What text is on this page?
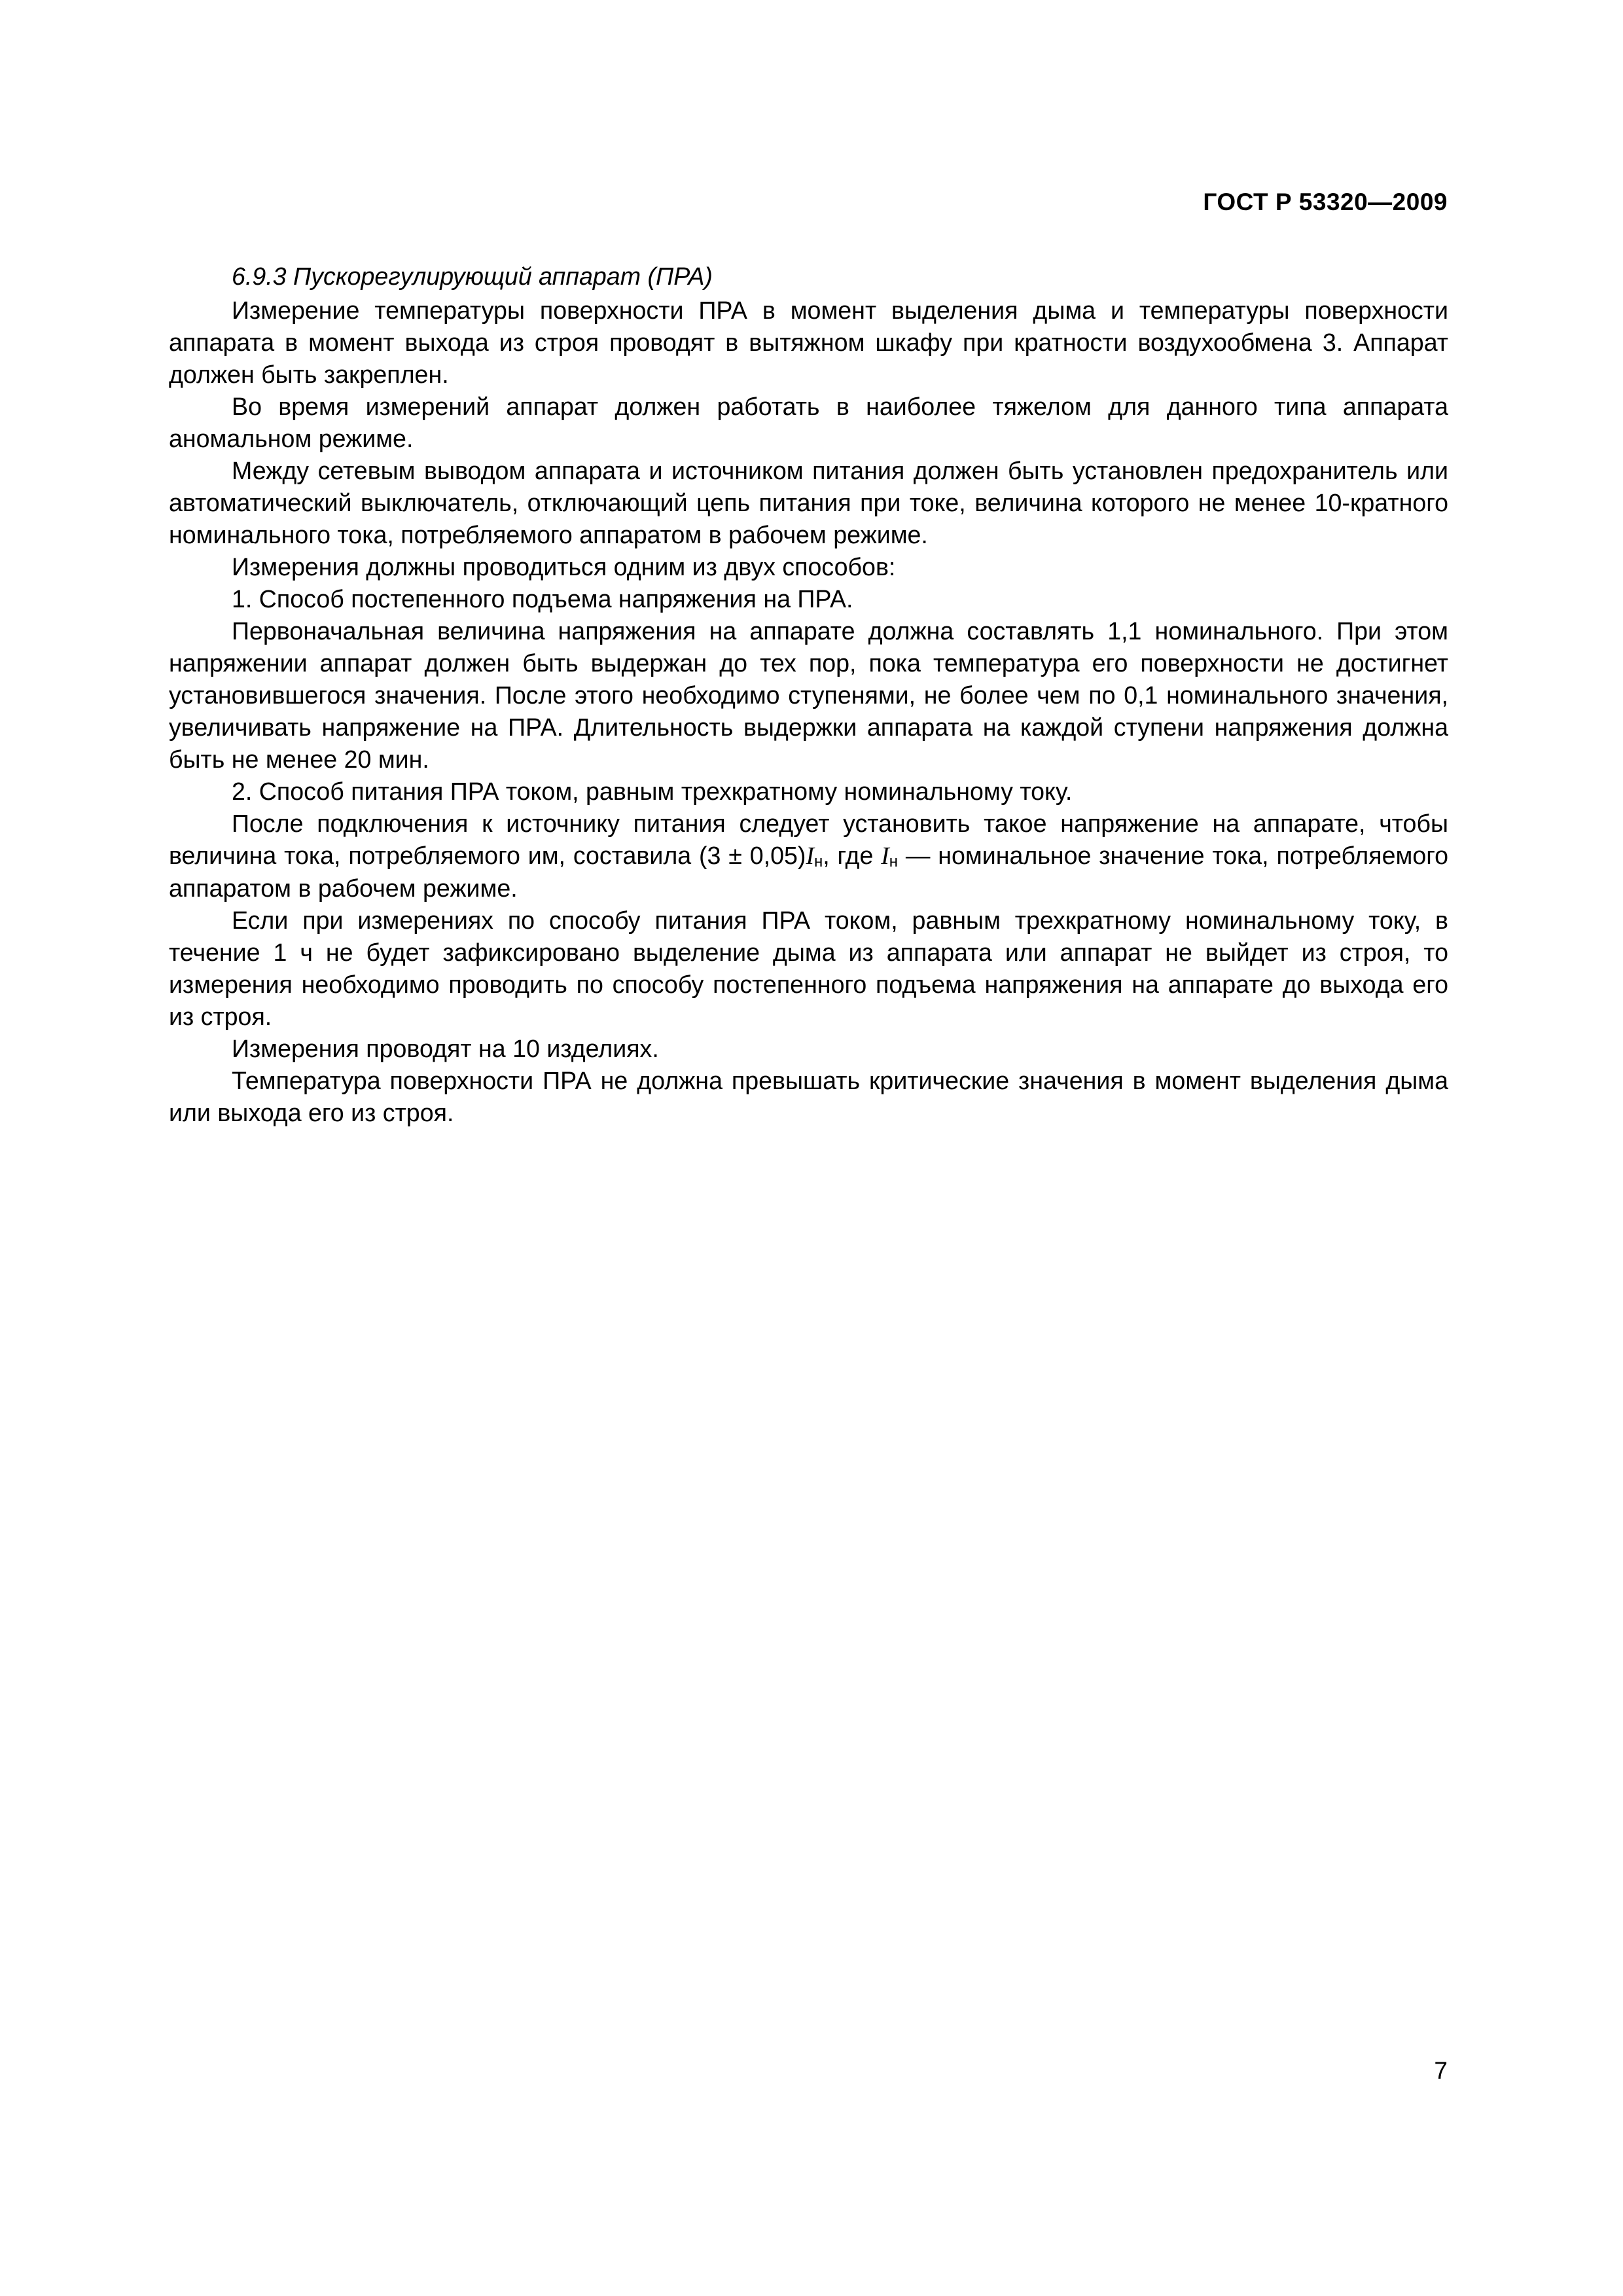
ГОСТ Р 53320—2009

6.9.3 Пускорегулирующий аппарат (ПРА)

Измерение температуры поверхности ПРА в момент выделения дыма и температуры поверхности аппарата в момент выхода из строя проводят в вытяжном шкафу при кратности воздухообмена 3. Аппарат должен быть закреплен.

Во время измерений аппарат должен работать в наиболее тяжелом для данного типа аппарата аномальном режиме.

Между сетевым выводом аппарата и источником питания должен быть установлен предохранитель или автоматический выключатель, отключающий цепь питания при токе, величина которого не менее 10-кратного номинального тока, потребляемого аппаратом в рабочем режиме.

Измерения должны проводиться одним из двух способов:

1. Способ постепенного подъема напряжения на ПРА.

Первоначальная величина напряжения на аппарате должна составлять 1,1 номинального. При этом напряжении аппарат должен быть выдержан до тех пор, пока температура его поверхности не достигнет установившегося значения. После этого необходимо ступенями, не более чем по 0,1 номинального значения, увеличивать напряжение на ПРА. Длительность выдержки аппарата на каждой ступени напряжения должна быть не менее 20 мин.

2. Способ питания ПРА током, равным трехкратному номинальному току.

После подключения к источнику питания следует установить такое напряжение на аппарате, чтобы величина тока, потребляемого им, составила $(3 \pm 0,05)I_н$, где $I_н$ — номинальное значение тока, потребляемого аппаратом в рабочем режиме.

Если при измерениях по способу питания ПРА током, равным трехкратному номинальному току, в течение 1 ч не будет зафиксировано выделение дыма из аппарата или аппарат не выйдет из строя, то измерения необходимо проводить по способу постепенного подъема напряжения на аппарате до выхода его из строя.

Измерения проводят на 10 изделиях.

Температура поверхности ПРА не должна превышать критические значения в момент выделения дыма или выхода его из строя.

7
